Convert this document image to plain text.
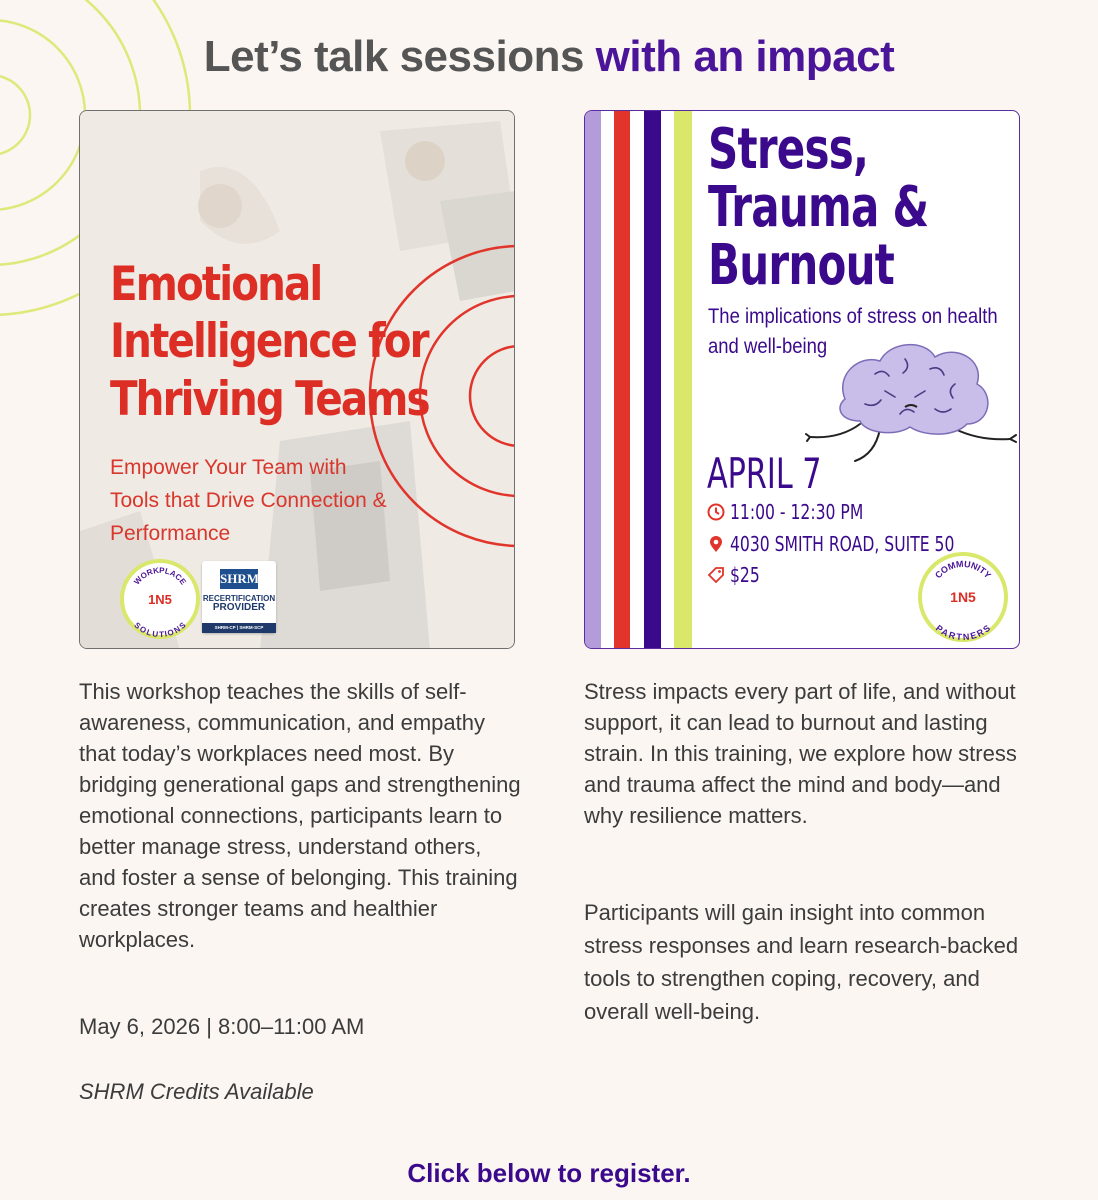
Let’s talk sessions with an impact
Emotional
Intelligence for
Thriving Teams
Empower Your Team with
Tools that Drive Connection &
Performance
WORKPLACE
SOLUTIONS
1N5
SHRM
RECERTIFICATION
PROVIDER
SHRM-CP | SHRM-SCP
Stress,
Trauma &
Burnout
The implications of stress on health
and well-being
APRIL 7
11:00 - 12:30 PM
4030 SMITH ROAD, SUITE 50
$25	COMMUNITY
PARTNERS
1N5

This workshop teaches the skills of self-awareness, communication, and empathy that today’s workplaces need most. By bridging generational gaps and strengthening emotional connections, participants learn to better manage stress, understand others, and foster a sense of belonging. This training creates stronger teams and healthier workplaces.

May 6, 2026 | 8:00–11:00 AM

SHRM Credits Available

Stress impacts every part of life, and without support, it can lead to burnout and lasting strain. In this training, we explore how stress and trauma affect the mind and body—and why resilience matters.

Participants will gain insight into common stress responses and learn research-backed tools to strengthen coping, recovery, and overall well-being.

Click below to register.
